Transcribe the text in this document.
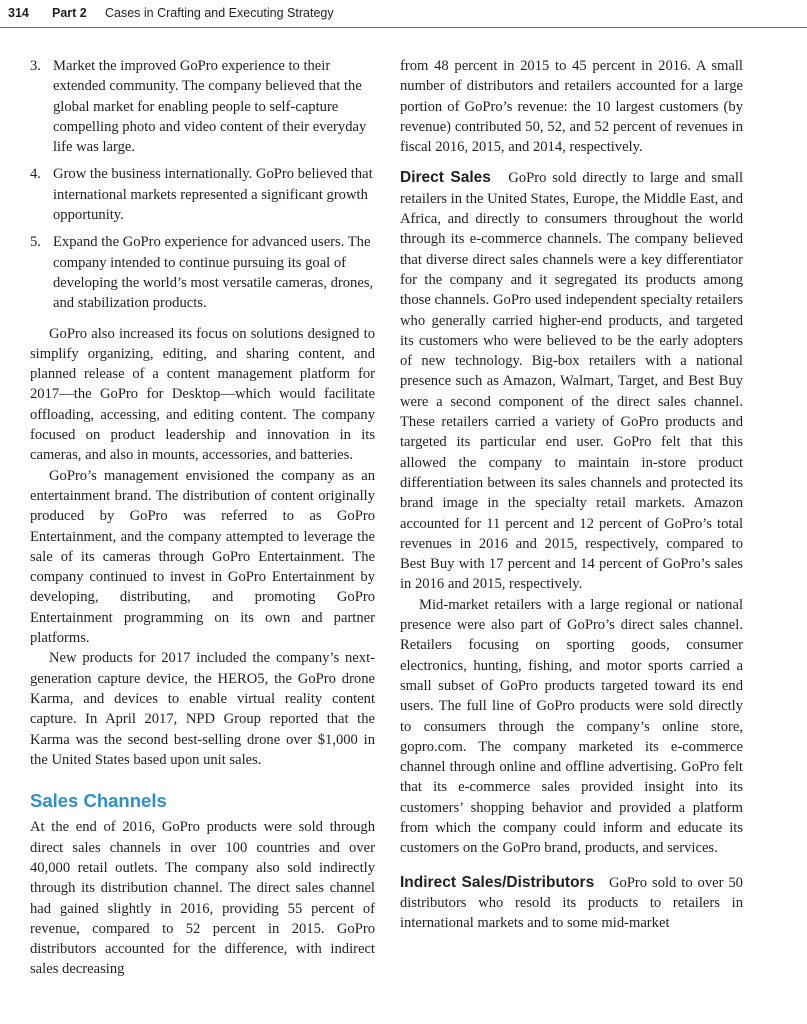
314 Part 2 Cases in Crafting and Executing Strategy
3. Market the improved GoPro experience to their extended community. The company believed that the global market for enabling people to self-capture compelling photo and video content of their everyday life was large.
4. Grow the business internationally. GoPro believed that international markets represented a significant growth opportunity.
5. Expand the GoPro experience for advanced users. The company intended to continue pursuing its goal of developing the world’s most versatile cameras, drones, and stabilization products.

GoPro also increased its focus on solutions designed to simplify organizing, editing, and sharing content, and planned release of a content management platform for 2017—the GoPro for Desktop—which would facilitate offloading, accessing, and editing content. The company focused on product leadership and innovation in its cameras, and also in mounts, accessories, and batteries.

GoPro’s management envisioned the company as an entertainment brand. The distribution of content originally produced by GoPro was referred to as GoPro Entertainment, and the company attempted to leverage the sale of its cameras through GoPro Entertainment. The company continued to invest in GoPro Entertainment by developing, distributing, and promoting GoPro Entertainment programming on its own and partner platforms.

New products for 2017 included the company’s next-generation capture device, the HERO5, the GoPro drone Karma, and devices to enable virtual reality content capture. In April 2017, NPD Group reported that the Karma was the second best-selling drone over $1,000 in the United States based upon unit sales.

Sales Channels

At the end of 2016, GoPro products were sold through direct sales channels in over 100 countries and over 40,000 retail outlets. The company also sold indirectly through its distribution channel. The direct sales channel had gained slightly in 2016, providing 55 percent of revenue, compared to 52 percent in 2015. GoPro distributors accounted for the difference, with indirect sales decreasing

from 48 percent in 2015 to 45 percent in 2016. A small number of distributors and retailers accounted for a large portion of GoPro’s revenue: the 10 largest customers (by revenue) contributed 50, 52, and 52 percent of revenues in fiscal 2016, 2015, and 2014, respectively.

Direct Sales GoPro sold directly to large and small retailers in the United States, Europe, the Middle East, and Africa, and directly to consumers throughout the world through its e-commerce channels. The company believed that diverse direct sales channels were a key differentiator for the company and it segregated its products among those channels. GoPro used independent specialty retailers who generally carried higher-end products, and targeted its customers who were believed to be the early adopters of new technology. Big-box retailers with a national presence such as Amazon, Walmart, Target, and Best Buy were a second component of the direct sales channel. These retailers carried a variety of GoPro products and targeted its particular end user. GoPro felt that this allowed the company to maintain in-store product differentiation between its sales channels and protected its brand image in the specialty retail markets. Amazon accounted for 11 percent and 12 percent of GoPro’s total revenues in 2016 and 2015, respectively, compared to Best Buy with 17 percent and 14 percent of GoPro’s sales in 2016 and 2015, respectively.

Mid-market retailers with a large regional or national presence were also part of GoPro’s direct sales channel. Retailers focusing on sporting goods, consumer electronics, hunting, fishing, and motor sports carried a small subset of GoPro products targeted toward its end users. The full line of GoPro products were sold directly to consumers through the company’s online store, gopro.com. The company marketed its e-commerce channel through online and offline advertising. GoPro felt that its e-commerce sales provided insight into its customers’ shopping behavior and provided a platform from which the company could inform and educate its customers on the GoPro brand, products, and services.

Indirect Sales/Distributors GoPro sold to over 50 distributors who resold its products to retailers in international markets and to some mid-market
